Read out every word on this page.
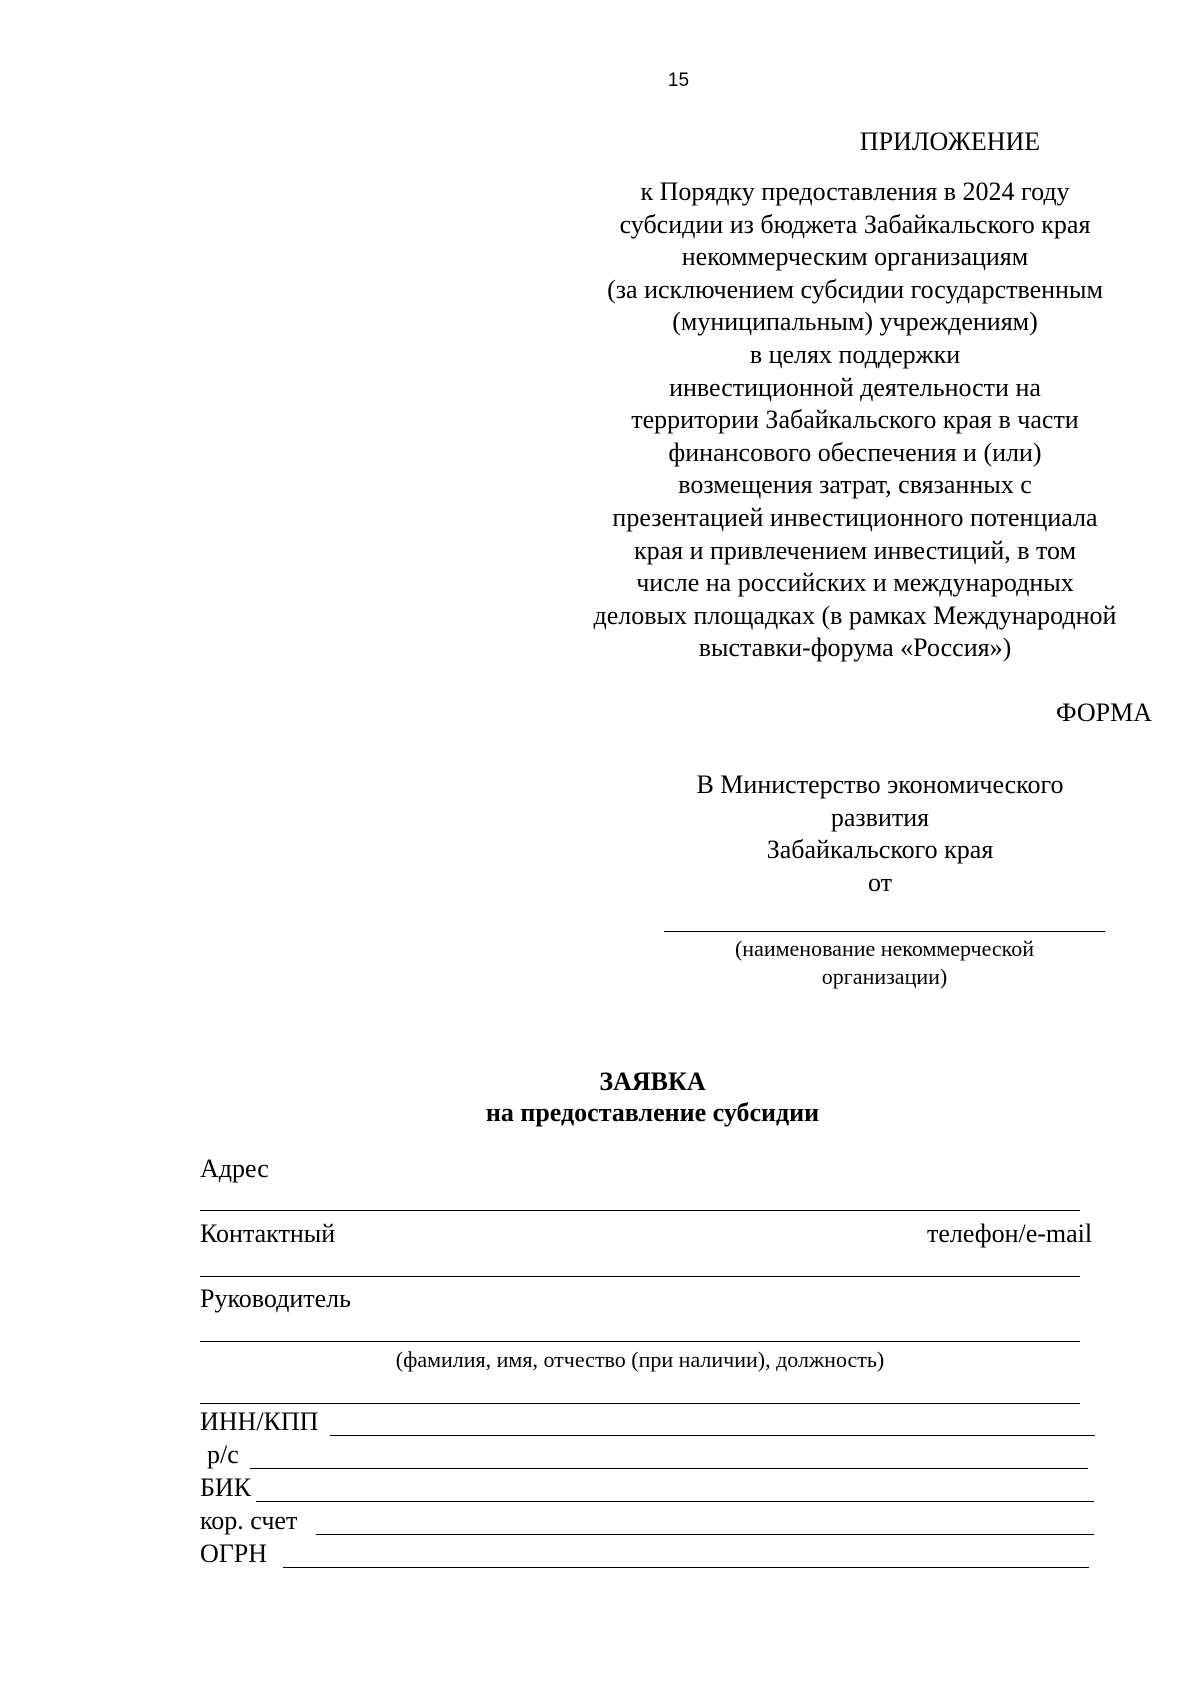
15
ПРИЛОЖЕНИЕ
к Порядку предоставления в 2024 году
субсидии из бюджета Забайкальского края
некоммерческим организациям
(за исключением субсидии государственным
(муниципальным) учреждениям)
в целях поддержки
инвестиционной деятельности на
территории Забайкальского края в части
финансового обеспечения и (или)
возмещения затрат, связанных с
презентацией инвестиционного потенциала
края и привлечением инвестиций, в том
числе на российских и международных
деловых площадках (в рамках Международной
выставки-форума «Россия»)
ФОРМА
В Министерство экономического
развития
Забайкальского края
от
(наименование некоммерческой
организации)
ЗАЯВКА
на предоставление субсидии
Адрес
Контактный	телефон/e-mail
Руководитель
(фамилия, имя, отчество (при наличии), должность)
ИНН/КПП
р/с
БИК
кор. счет
ОГРН
